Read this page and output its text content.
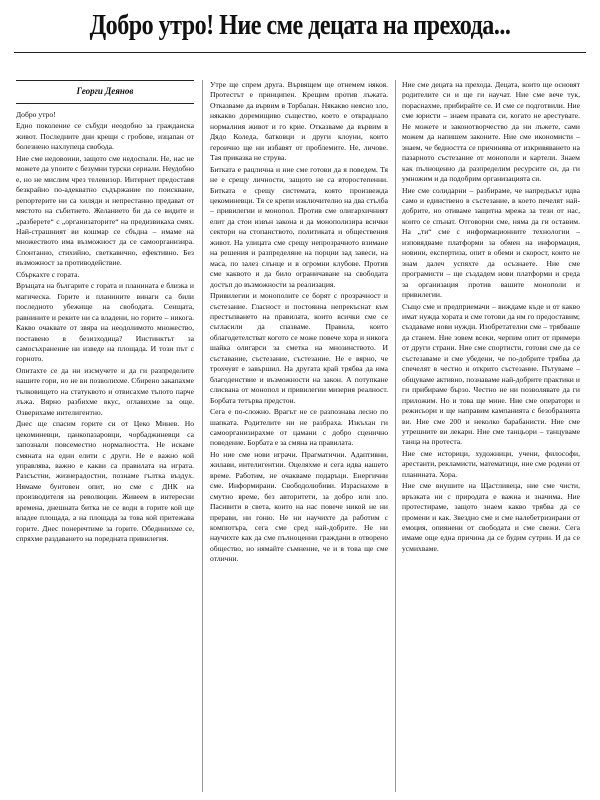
Добро утро! Ние сме децата на прехода...
Георги Деянов

Добро утро!

Едно поколение се събуди неодобно за гражданска живот. Последните дни крещи с гробове, изцапан от болезнено нахлупеца свобода.

Ние сме недовоини, защото сме недоспали. Не, нас не можете да упоите с безумни турски сериали. Неудобно е, но не мислим чрез телевизор. Интернет предоставя безкрайно по-адекватно съдържание по поискване, репортерите ни са хиляди и непрестанно предават от мястото на събитието. Желанието би да се видите и „разберете“ с „организаторите“ на предизвикаха смях. Най-страшният ви кошмар се сбъдна – имаме на множеството има възможност да се самоорганизира. Спонтанно, стихийно, светкавично, ефективно. Без възможност за противодействие.

Сбъркахте с гората.

Връщата на българите с гората и планината е близка и магическа. Горите и планините винаги са били последното убежище на свободата. Сеищата, равнините и реките ни са владени, но горите – никога. Какво очаквате от звяра на неодолимото множество, поставено в безизходица? Инстинктът за самосъхранение ни изведе на площада. И този път с горното.

Опитахте се да ни изсмучете и да ги разпределите нашите гори, но не ви позволихме. Сбирено закапахме тълковището на статуквото и отвисахме тъпото парче лъжа. Вярно разбихме вкус, оглавихме за още. Озверихаме интелигентно.

Днес ще спасим горите си от Цеко Минев. Но цекоминевци, цанкопазаровци, чорбаджиневци са запознали повсеместно нормалността. Не искаме смяната на едни елити с други. Не е важно кой управлява, важно е какви са правилата на играта. Разсъстни, жизнерадостни, познаме гълтка въздух. Нямаме бунтовен опит, но сме с ДНК на производителя на революции. Живеем в интересни времена, днешната битка не се води в горите кой ще владее площада, а на площада за това кой притежава горите. Днес понеречтиме за горите. Обединихме се, спряхме раздаването на поредната привилегия.

Утре ще спрем друга. Вървящем ще отнемем някоя. Протестът е принципен. Крещим против лъжата. Отказваме да вървим в Торбалан. Някакво неясно зло, някакво доремищиво същество, което е откраднало нормалния живот и го крие. Отказваме да вървим в Дядо Коледа, батковци и други клоуни, които героично ще ни избавят от проблемите. Не, личове. Тая приказка не струва.

Битката е рацлична и ние сме готови да я поведем. Тя не е срещу личности, защото не са второстепенни. Битката е срещу системата, която произвежда цекоминевци. Тя се крепи изключително на два стълба – привилегии и монопол. Против сме олигархичният елит да стои извън закона и да монополизира всички сектори на стопанството, политиката и обществения живот. На улицата сме срещу непрозрачното взимане на решения и разпределяне на порции зад завеси, на маса, по залез слънце и в огромни клубове. Против сме каквото и да било ограничаване на свободата достъп до възможности за реализация.

Привилегии и монополите се борят с прозрачност и състезание. Гласност и постоянна непрекъснат към престъпването на правилата, които всички сме се съгласили да спазваме. Правила, които облагодетелстват когото се може повече хора и никога шайка олигарси за сметка на мнозинството. И съставание, състезание, състезание. Не е вярно, че трохчувт е завършил. На другата край трябва да има благоденствие и възможности на закон. А потупкане слисвана от монопол и привилегии мизерия реалност. Борбата тетърва предстои.

Сега е по-сложно. Врагът не се разпознава лесно по шапката. Родителите ни не разбраха. Изкъхан ги самоорганизирахме от цамани с добро сценично поведение. Борбата е за смяна на правилата.

Но ние сме нови играчи. Прагматични. Адаптивни, жилави, интелигентни. Оцеляхме и сега идва нашето време. Работим, не очакваме подаръци. Енергични сме. Информирани. Свободолюбиви. Израснахме в смутно време, без авторитети, за добро или зло. Пасивити в света, които на нас повече никой не ни прерави, ни гоню. Не ни научихте да работим с компютъра, сега сме сред най-добрите. Не ни научихте как да сме пълноценни граждани в отворено общество, но нямайте съмнение, че и в това ще сме отлични.

Ние сме децата на прехода. Децата, които ще основят родителите си и ще ги научат. Ние сме вече тук, пораснахме, прибирайте се. И сме се подготвили. Ние сме юристи – знаем правата си, когато не арестувате. Не можете и законотворчество да ни лъжете, сами можем да напишем законите. Ние сме икономисти – знаем, че бедността се причинява от изкривяването на пазарното състезание от монополи и картели. Знаем как пълноценно да разпределим ресурсите си, да ги умножим и да подобрим организацията си.

Ние сме солидарни – разбираме, че напредъкът идва само и единствено в състезание, в което печелят най-добрите, но отиваме защитна мрежа за тези от нас, които се спънат. Отговорни сме, няма да ги оставим. На „ти“ сме с информационните технологии – изповядваме платформи за обмен на информация, новини, експертиза, опит в обеми и скорост, които не знам далеч успяхте да осъзнаете. Ние сме програмисти – ще създадем нови платформи и среда за организация против вашите монополи и привилегии.

Също сме и предприемачи – виждаме къде и от какво имат нужда хората и сме готови да им го предоставим; създаваме нови нужди. Изобретателни сме – трябваше да станем. Ние зовем всеки, черпим опит от примери от други страни. Ние сме спортисти, готови сме да се състезаваме и сме убедени, че по-добрите трябва да спечелят в честно и открито състезание. Пътуваме – общуваме активно, познаваме най-добрите практики и ги прибираме бързо. Честно не ни позволявате да ги приложим. Но и това ще мине. Ние сме оператори и режисьори и ще направим кампанията с безобразията ви. Ние сме 200 и неколко барабанисти. Ние сме утрешните ви лекари. Ние сме танцьори – танцуваме танца на протеста.

Ние сме историци, художници, учени, философи, арестанти, рекламисти, математици, ние сме родени от планината. Хора.

Ние сме внушите на Щастливеца, ние сме чисти, връзката ни с природата е важна и значима. Ние протестираме, защото знаем какво трябва да се промени и как. Звездно сме и сме налебетризирани от емоция, опиянени от свободата и сме свежи. Сега имаме още една причина да се будим сутрин. И да се усмихваме.
